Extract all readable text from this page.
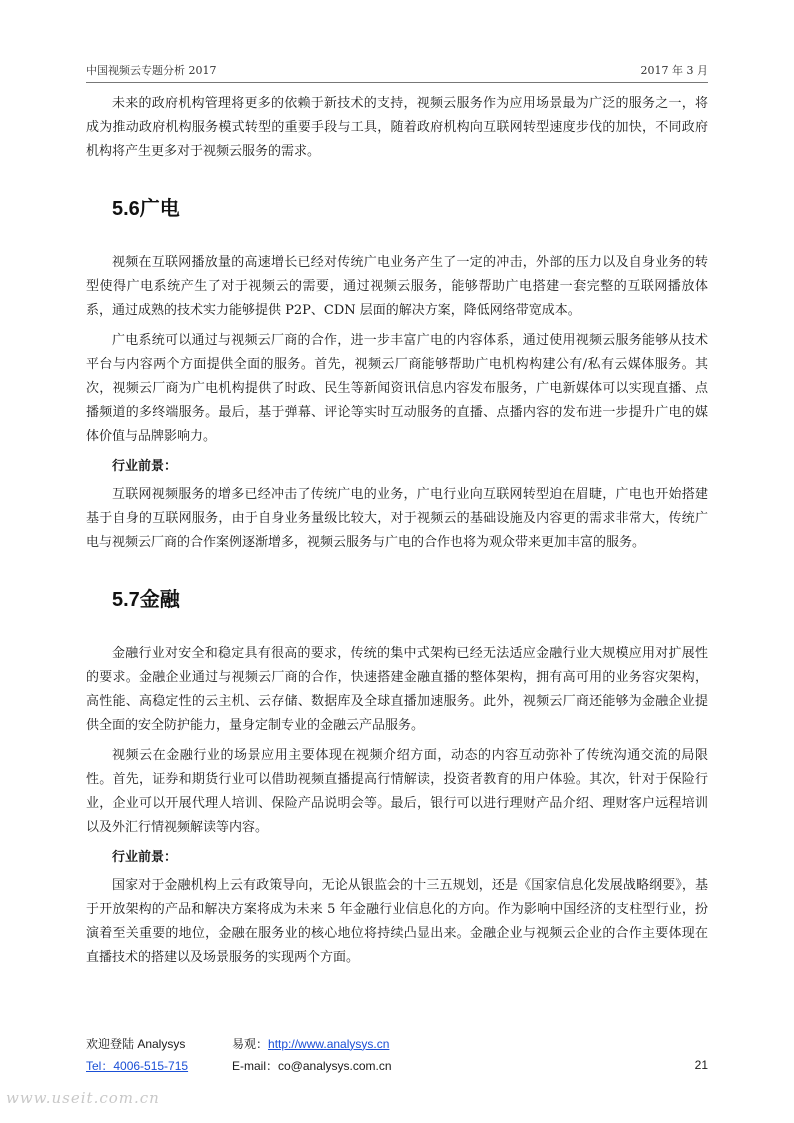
中国视频云专题分析 2017	2017 年 3 月

未来的政府机构管理将更多的依赖于新技术的支持，视频云服务作为应用场景最为广泛的服务之一，将成为推动政府机构服务模式转型的重要手段与工具，随着政府机构向互联网转型速度步伐的加快，不同政府机构将产生更多对于视频云服务的需求。

5.6广电

视频在互联网播放量的高速增长已经对传统广电业务产生了一定的冲击，外部的压力以及自身业务的转型使得广电系统产生了对于视频云的需要，通过视频云服务，能够帮助广电搭建一套完整的互联网播放体系，通过成熟的技术实力能够提供 P2P、CDN 层面的解决方案，降低网络带宽成本。

广电系统可以通过与视频云厂商的合作，进一步丰富广电的内容体系，通过使用视频云服务能够从技术平台与内容两个方面提供全面的服务。首先，视频云厂商能够帮助广电机构构建公有/私有云媒体服务。其次，视频云厂商为广电机构提供了时政、民生等新闻资讯信息内容发布服务，广电新媒体可以实现直播、点播频道的多终端服务。最后，基于弹幕、评论等实时互动服务的直播、点播内容的发布进一步提升广电的媒体价值与品牌影响力。

行业前景：

互联网视频服务的增多已经冲击了传统广电的业务，广电行业向互联网转型迫在眉睫，广电也开始搭建基于自身的互联网服务，由于自身业务量级比较大，对于视频云的基础设施及内容更的需求非常大，传统广电与视频云厂商的合作案例逐渐增多，视频云服务与广电的合作也将为观众带来更加丰富的服务。

5.7金融

金融行业对安全和稳定具有很高的要求，传统的集中式架构已经无法适应金融行业大规模应用对扩展性的要求。金融企业通过与视频云厂商的合作，快速搭建金融直播的整体架构，拥有高可用的业务容灾架构，高性能、高稳定性的云主机、云存储、数据库及全球直播加速服务。此外，视频云厂商还能够为金融企业提供全面的安全防护能力，量身定制专业的金融云产品服务。

视频云在金融行业的场景应用主要体现在视频介绍方面，动态的内容互动弥补了传统沟通交流的局限性。首先，证券和期货行业可以借助视频直播提高行情解读，投资者教育的用户体验。其次，针对于保险行业，企业可以开展代理人培训、保险产品说明会等。最后，银行可以进行理财产品介绍、理财客户远程培训以及外汇行情视频解读等内容。

行业前景：

国家对于金融机构上云有政策导向，无论从银监会的十三五规划，还是《国家信息化发展战略纲要》，基于开放架构的产品和解决方案将成为未来 5 年金融行业信息化的方向。作为影响中国经济的支柱型行业，扮演着至关重要的地位，金融在服务业的核心地位将持续凸显出来。金融企业与视频云企业的合作主要体现在直播技术的搭建以及场景服务的实现两个方面。

欢迎登陆 Analysys	易观：http://www.analysys.cn
Tel：4006-515-715	E-mail：co@analysys.com.cn	21
www.useit.com.cn
